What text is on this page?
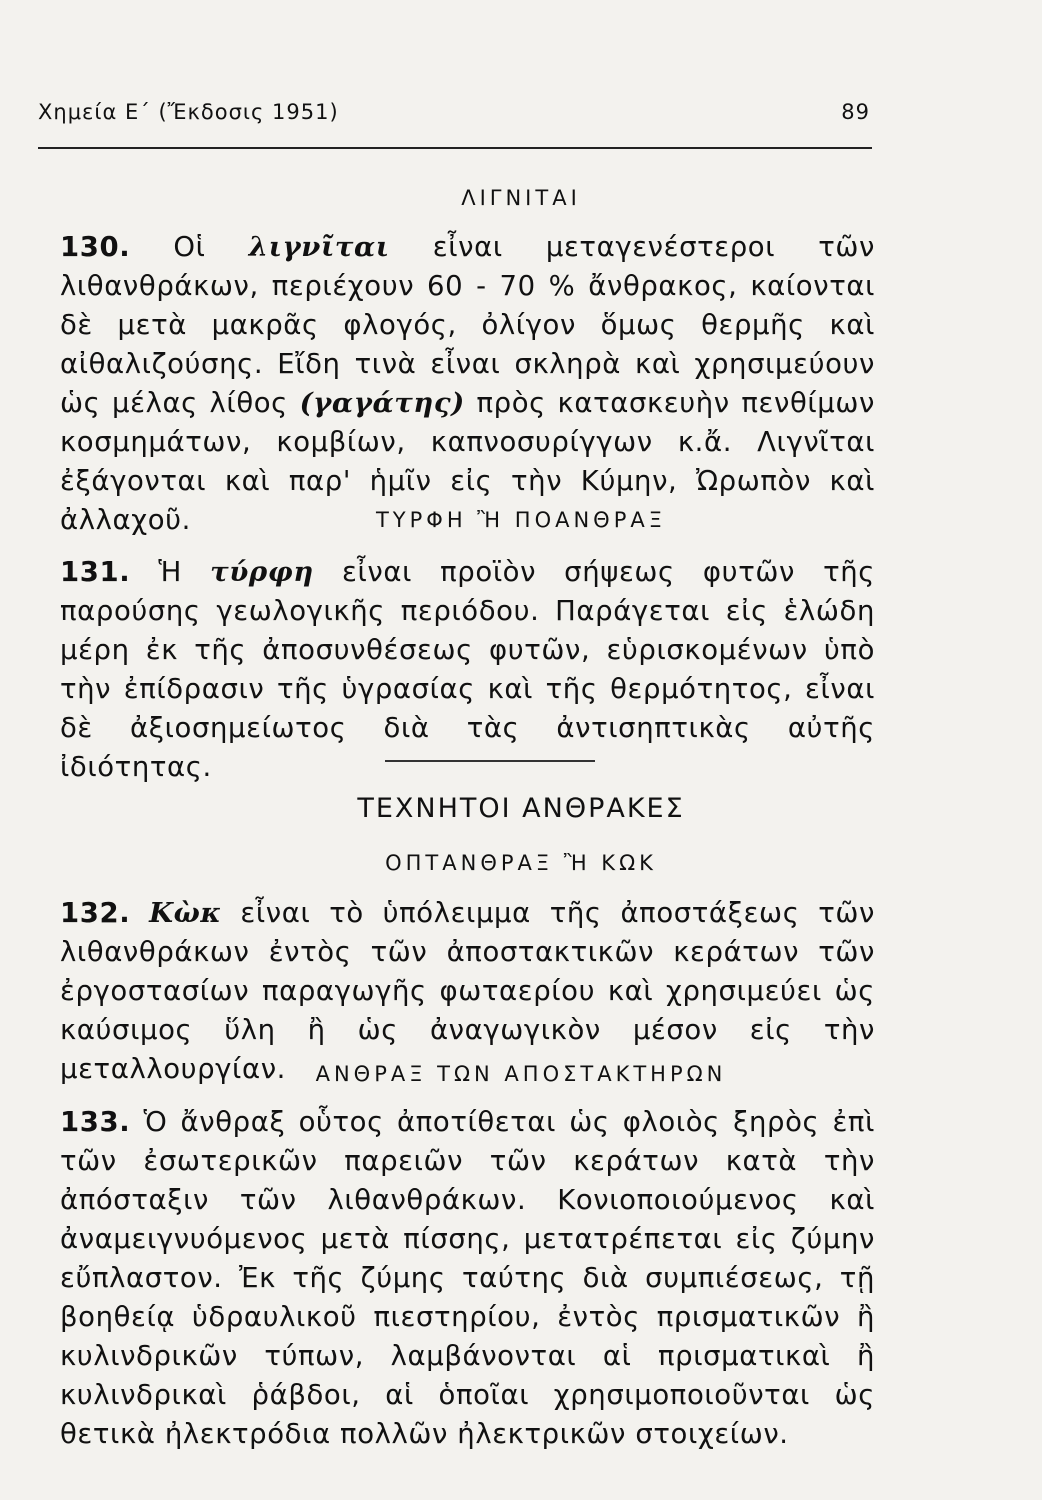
Χημεία Ε΄ (Ἔκδοσις 1951)	89
ΛΙΓΝΙΤΑΙ

130. Οἱ λιγνῖται εἶναι μεταγενέστεροι τῶν λιθανθράκων, περιέχουν 60 - 70 % ἄνθρακος, καίονται δὲ μετὰ μακρᾶς φλογός, ὀλίγον ὅμως θερμῆς καὶ αἰθαλιζούσης. Εἴδη τινὰ εἶναι σκληρὰ καὶ χρησιμεύουν ὡς μέλας λίθος (γαγάτης) πρὸς κατασκευὴν πενθίμων κοσμημάτων, κομβίων, καπνοσυρίγγων κ.ἄ. Λιγνῖται ἐξάγονται καὶ παρ' ἡμῖν εἰς τὴν Κύμην, Ὠρωπὸν καὶ ἀλλαχοῦ.	ΤΥΡΦΗ Ἢ ΠΟΑΝΘΡΑΞ

131. Ἡ τύρφη εἶναι προϊὸν σήψεως φυτῶν τῆς παρούσης γεωλογικῆς περιόδου. Παράγεται εἰς ἑλώδη μέρη ἐκ τῆς ἀποσυνθέσεως φυτῶν, εὑρισκομένων ὑπὸ τὴν ἐπίδρασιν τῆς ὑγρασίας καὶ τῆς θερμότητος, εἶναι δὲ ἀξιοσημείωτος διὰ τὰς ἀντισηπτικὰς αὐτῆς ἰδιότητας.

ΤΕΧΝΗΤΟΙ ΑΝΘΡΑΚΕΣ
ΟΠΤΑΝΘΡΑΞ Ἢ ΚΩΚ

132. Κὼκ εἶναι τὸ ὑπόλειμμα τῆς ἀποστάξεως τῶν λιθανθράκων ἐντὸς τῶν ἀποστακτικῶν κεράτων τῶν ἐργοστασίων παραγωγῆς φωταερίου καὶ χρησιμεύει ὡς καύσιμος ὕλη ἢ ὡς ἀναγωγικὸν μέσον εἰς τὴν μεταλλουργίαν.	ΑΝΘΡΑΞ ΤΩΝ ΑΠΟΣΤΑΚΤΗΡΩΝ

133. Ὁ ἄνθραξ οὗτος ἀποτίθεται ὡς φλοιὸς ξηρὸς ἐπὶ τῶν ἐσωτερικῶν παρειῶν τῶν κεράτων κατὰ τὴν ἀπόσταξιν τῶν λιθανθράκων. Κονιοποιούμενος καὶ ἀναμειγνυόμενος μετὰ πίσσης, μετατρέπεται εἰς ζύμην εὔπλαστον. Ἐκ τῆς ζύμης ταύτης διὰ συμπιέσεως, τῇ βοηθείᾳ ὑδραυλικοῦ πιεστηρίου, ἐντὸς πρισματικῶν ἢ κυλινδρικῶν τύπων, λαμβάνονται αἱ πρισματικαὶ ἢ κυλινδρικαὶ ῥάβδοι, αἱ ὁποῖαι χρησιμοποιοῦνται ὡς θετικὰ ἠλεκτρόδια πολλῶν ἠλεκτρικῶν στοιχείων.
